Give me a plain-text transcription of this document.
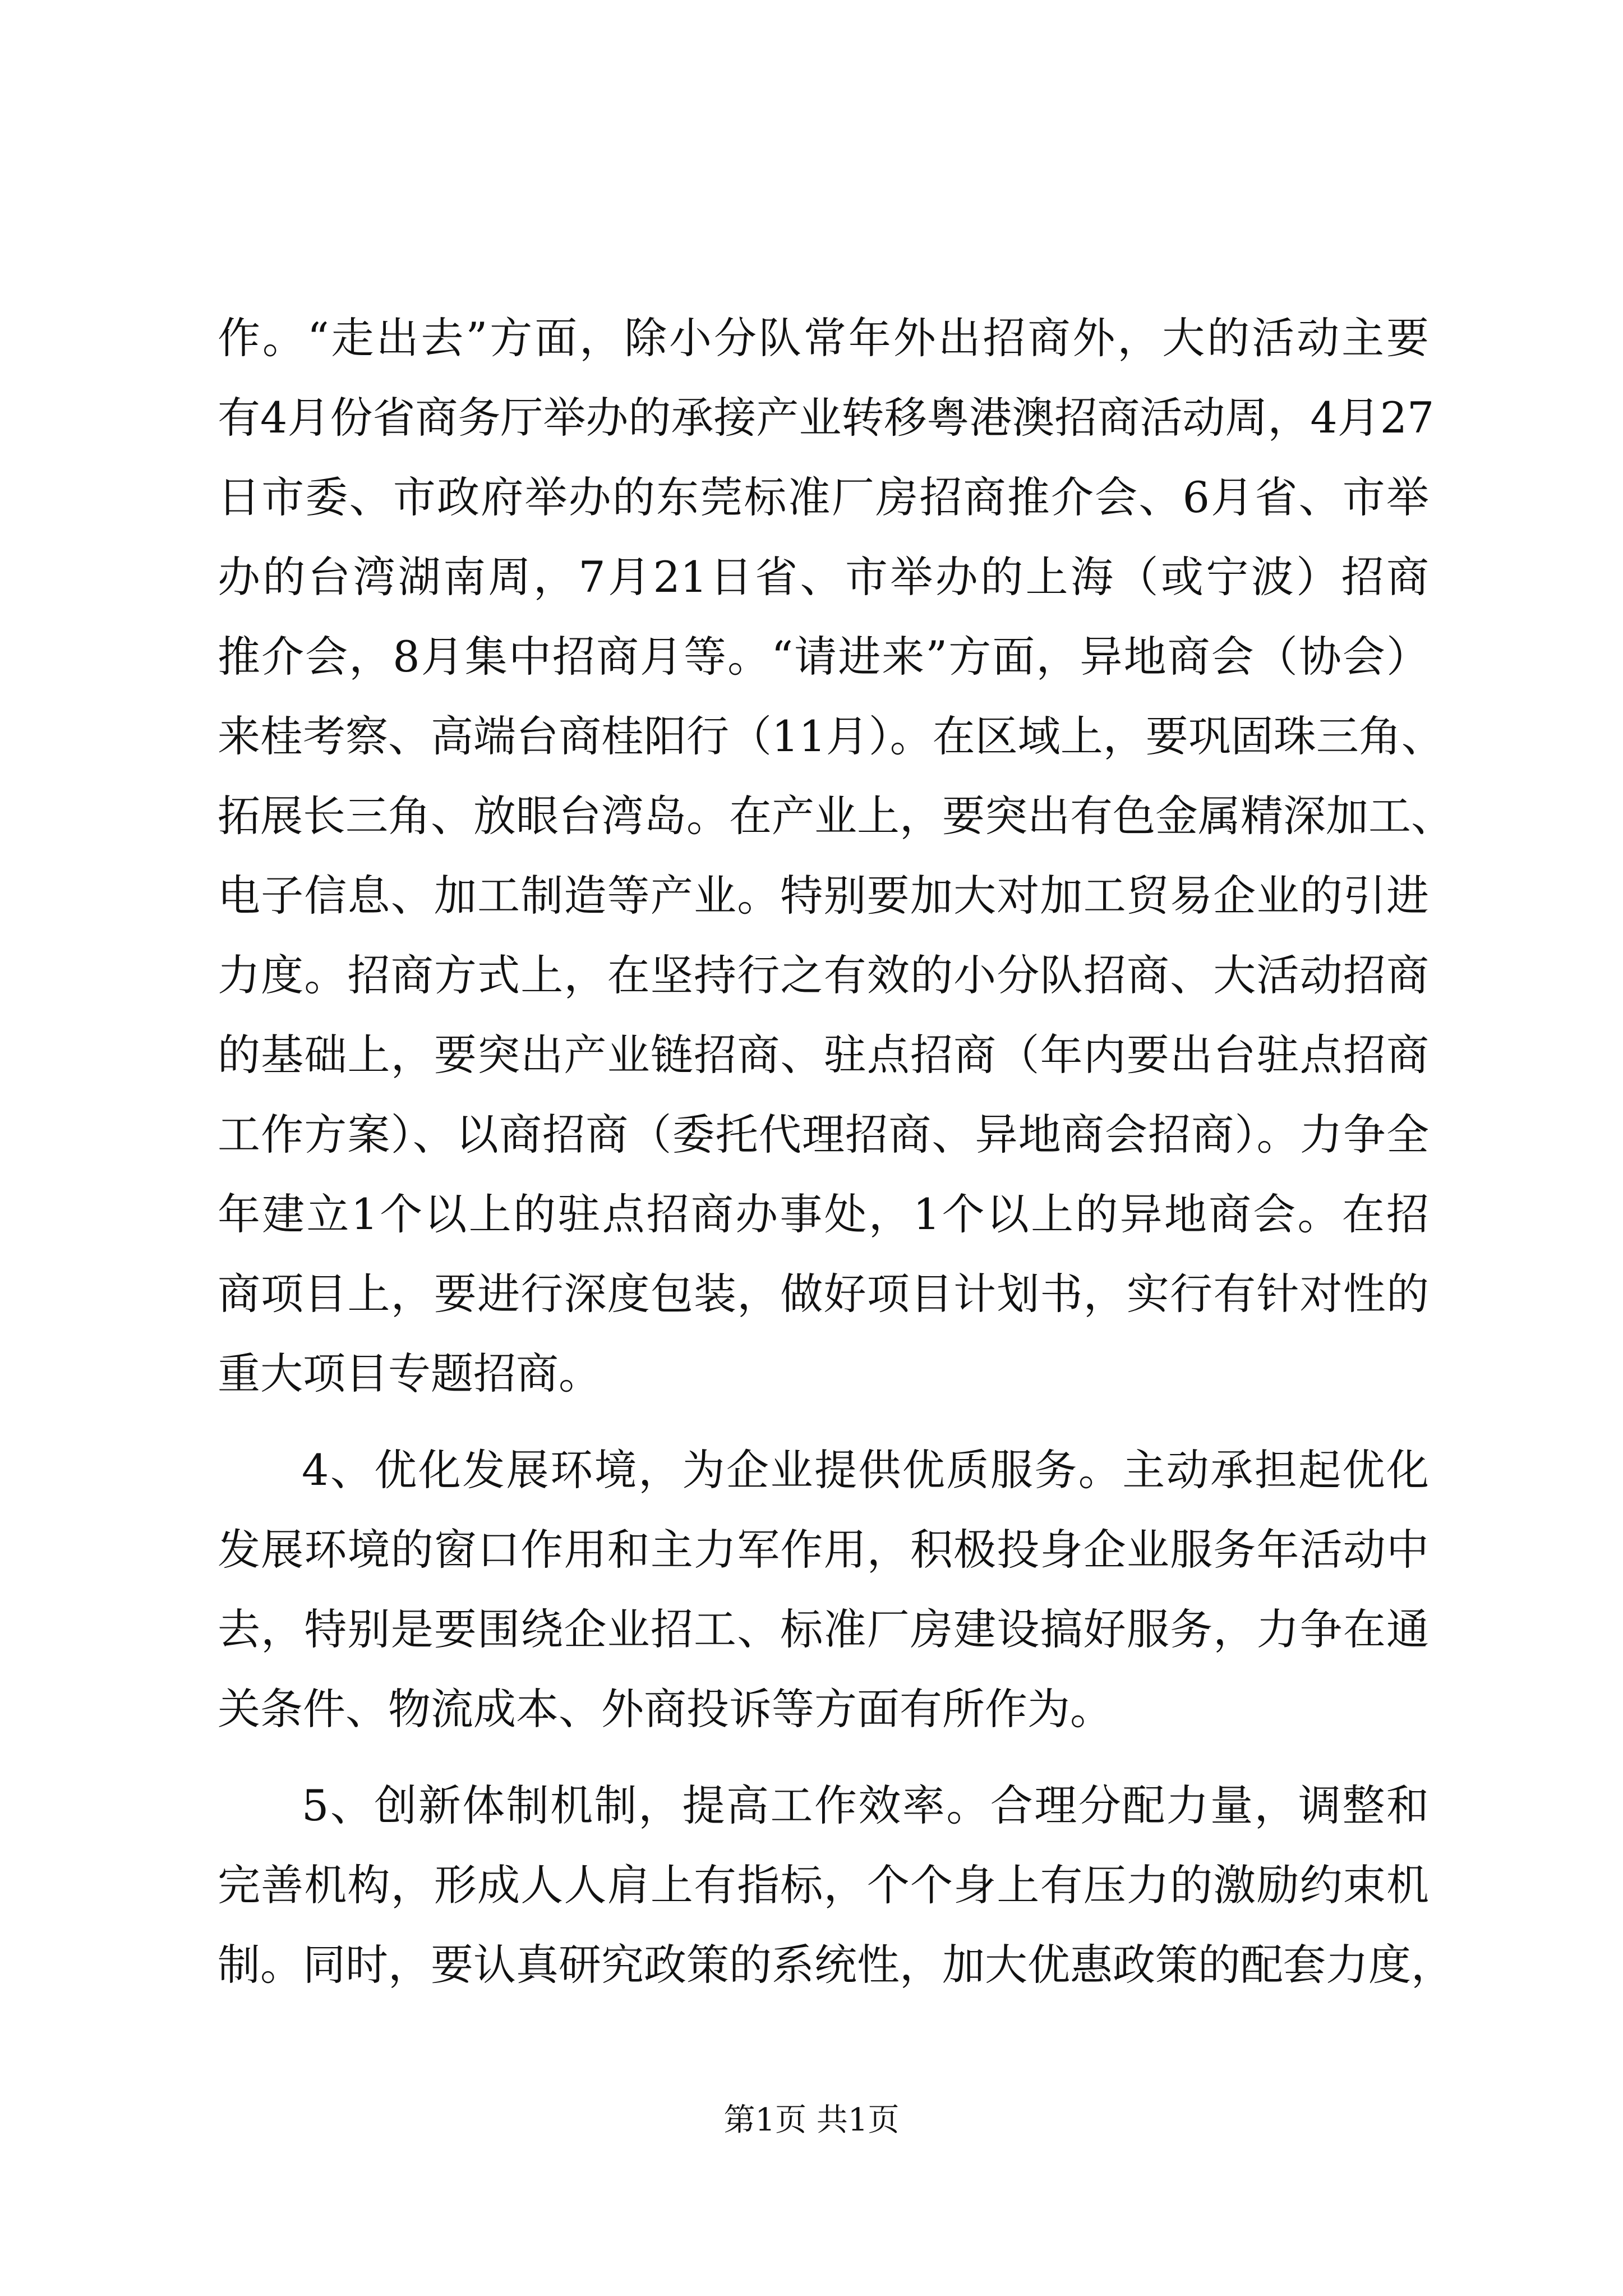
作。“走出去”方面，除小分队常年外出招商外，大的活动主要
有4月份省商务厅举办的承接产业转移粤港澳招商活动周，4月27
日市委、市政府举办的东莞标准厂房招商推介会、6月省、市举
办的台湾湖南周，7月21日省、市举办的上海（或宁波）招商
推介会，8月集中招商月等。“请进来”方面，异地商会（协会）
来桂考察、高端台商桂阳行（11月）。在区域上，要巩固珠三角、
拓展长三角、放眼台湾岛。在产业上，要突出有色金属精深加工、
电子信息、加工制造等产业。特别要加大对加工贸易企业的引进
力度。招商方式上，在坚持行之有效的小分队招商、大活动招商
的基础上，要突出产业链招商、驻点招商（年内要出台驻点招商
工作方案）、以商招商（委托代理招商、异地商会招商）。力争全
年建立1个以上的驻点招商办事处，1个以上的异地商会。在招
商项目上，要进行深度包装，做好项目计划书，实行有针对性的
重大项目专题招商。
4、优化发展环境，为企业提供优质服务。主动承担起优化
发展环境的窗口作用和主力军作用，积极投身企业服务年活动中
去，特别是要围绕企业招工、标准厂房建设搞好服务，力争在通
关条件、物流成本、外商投诉等方面有所作为。
5、创新体制机制，提高工作效率。合理分配力量，调整和
完善机构，形成人人肩上有指标，个个身上有压力的激励约束机
制。同时，要认真研究政策的系统性，加大优惠政策的配套力度，
第1页 共1页
